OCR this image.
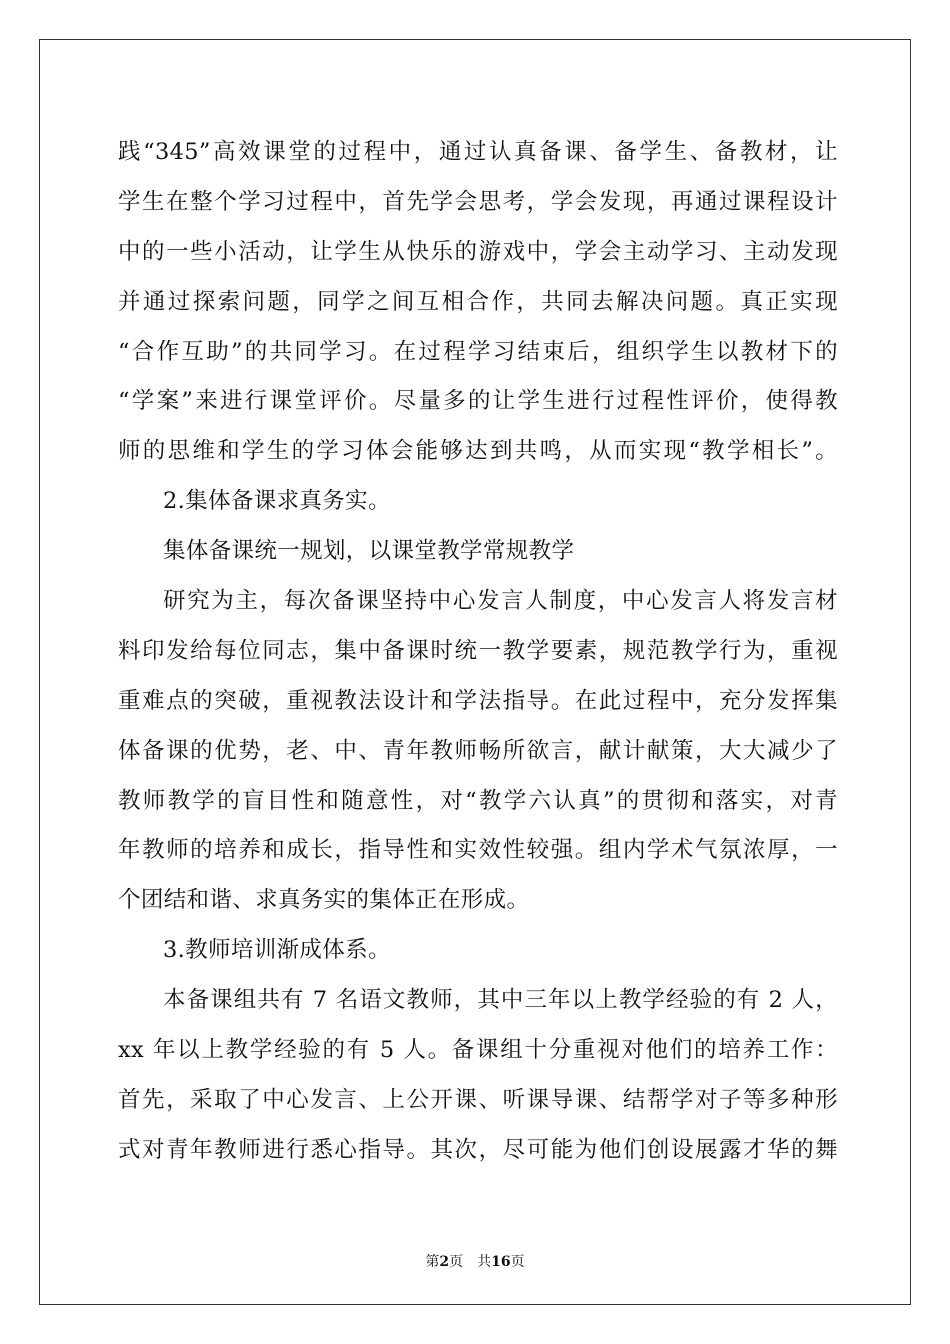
践“345”高效课堂的过程中，通过认真备课、备学生、备教材，让
学生在整个学习过程中，首先学会思考，学会发现，再通过课程设计
中的一些小活动，让学生从快乐的游戏中，学会主动学习、主动发现
并通过探索问题，同学之间互相合作，共同去解决问题。真正实现
“合作互助”的共同学习。在过程学习结束后，组织学生以教材下的
“学案”来进行课堂评价。尽量多的让学生进行过程性评价，使得教
师的思维和学生的学习体会能够达到共鸣，从而实现“教学相长”。
2.集体备课求真务实。
集体备课统一规划，以课堂教学常规教学
研究为主，每次备课坚持中心发言人制度，中心发言人将发言材
料印发给每位同志，集中备课时统一教学要素，规范教学行为，重视
重难点的突破，重视教法设计和学法指导。在此过程中，充分发挥集
体备课的优势，老、中、青年教师畅所欲言，献计献策，大大减少了
教师教学的盲目性和随意性，对“教学六认真”的贯彻和落实，对青
年教师的培养和成长，指导性和实效性较强。组内学术气氛浓厚，一
个团结和谐、求真务实的集体正在形成。
3.教师培训渐成体系。
本备课组共有 7 名语文教师，其中三年以上教学经验的有 2 人，
xx 年以上教学经验的有 5 人。备课组十分重视对他们的培养工作：
首先，采取了中心发言、上公开课、听课导课、结帮学对子等多种形
式对青年教师进行悉心指导。其次，尽可能为他们创设展露才华的舞
第2页　共16页
